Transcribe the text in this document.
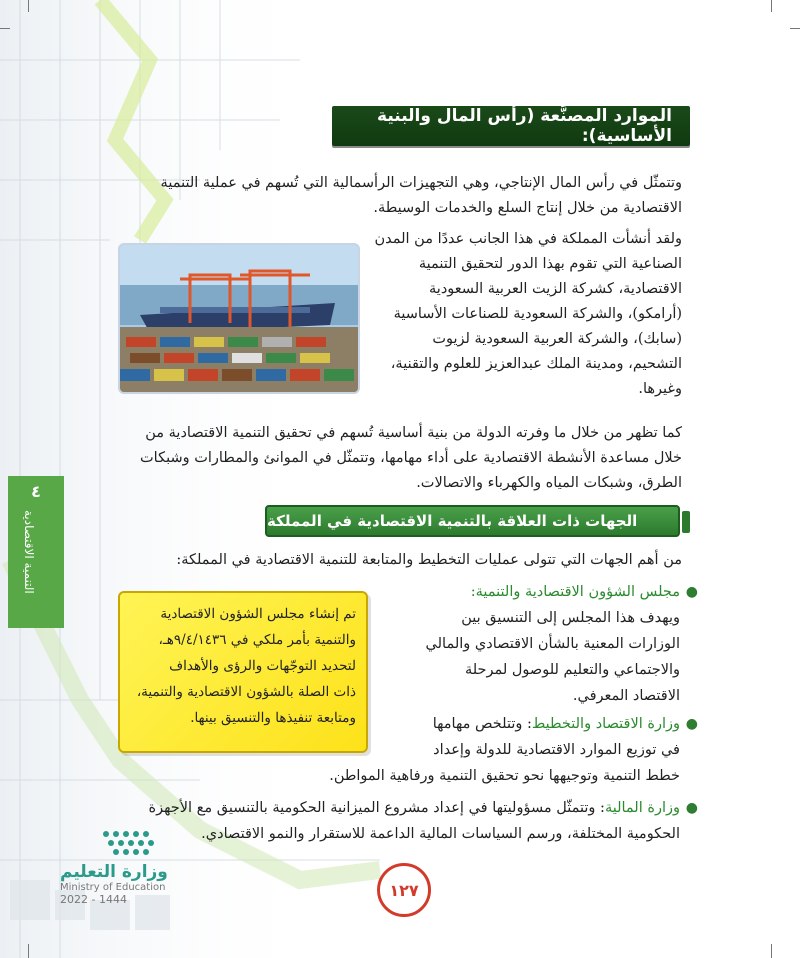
الموارد المصنَّعة (رأس المال والبنية الأساسية):

وتتمثّل في رأس المال الإنتاجي، وهي التجهيزات الرأسمالية التي تُسهم في عملية التنمية
الاقتصادية من خلال إنتاج السلع والخدمات الوسيطة.

ولقد أنشأت المملكة في هذا الجانب عددًا من المدن
الصناعية التي تقوم بهذا الدور لتحقيق التنمية
الاقتصادية، كشركة الزيت العربية السعودية
(أرامكو)، والشركة السعودية للصناعات الأساسية
(سابك)، والشركة العربية السعودية لزيوت
التشحيم، ومدينة الملك عبدالعزيز للعلوم والتقنية،
وغيرها.

كما تظهر من خلال ما وفرته الدولة من بنية أساسية تُسهم في تحقيق التنمية الاقتصادية من
خلال مساعدة الأنشطة الاقتصادية على أداء مهامها، وتتمثّل في الموانئ والمطارات وشبكات
الطرق، وشبكات المياه والكهرباء والاتصالات.

٤
التنمية الاقتصادية	الجهات ذات العلاقة بالتنمية الاقتصادية في المملكة

من أهم الجهات التي تتولى عمليات التخطيط والمتابعة للتنمية الاقتصادية في المملكة:

●
مجلس الشؤون الاقتصادية والتنمية:
ويهدف هذا المجلس إلى التنسيق بين
الوزارات المعنية بالشأن الاقتصادي والمالي
والاجتماعي والتعليم للوصول لمرحلة
الاقتصاد المعرفي.
●
وزارة الاقتصاد والتخطيط: وتتلخص مهامها
في توزيع الموارد الاقتصادية للدولة وإعداد
خطط التنمية وتوجيهها نحو تحقيق التنمية ورفاهية المواطن.
●
وزارة المالية: وتتمثّل مسؤوليتها في إعداد مشروع الميزانية الحكومية بالتنسيق مع الأجهزة
الحكومية المختلفة، ورسم السياسات المالية الداعمة للاستقرار والنمو الاقتصادي.
تم إنشاء مجلس الشؤون الاقتصادية
والتنمية بأمر ملكي في ٩/٤/١٤٣٦هـ،
لتحديد التوجّهات والرؤى والأهداف
ذات الصلة بالشؤون الاقتصادية والتنمية،
ومتابعة تنفيذها والتنسيق بينها.
وزارة التعليم
Ministry of Education
2022 - 1444	١٢٧
